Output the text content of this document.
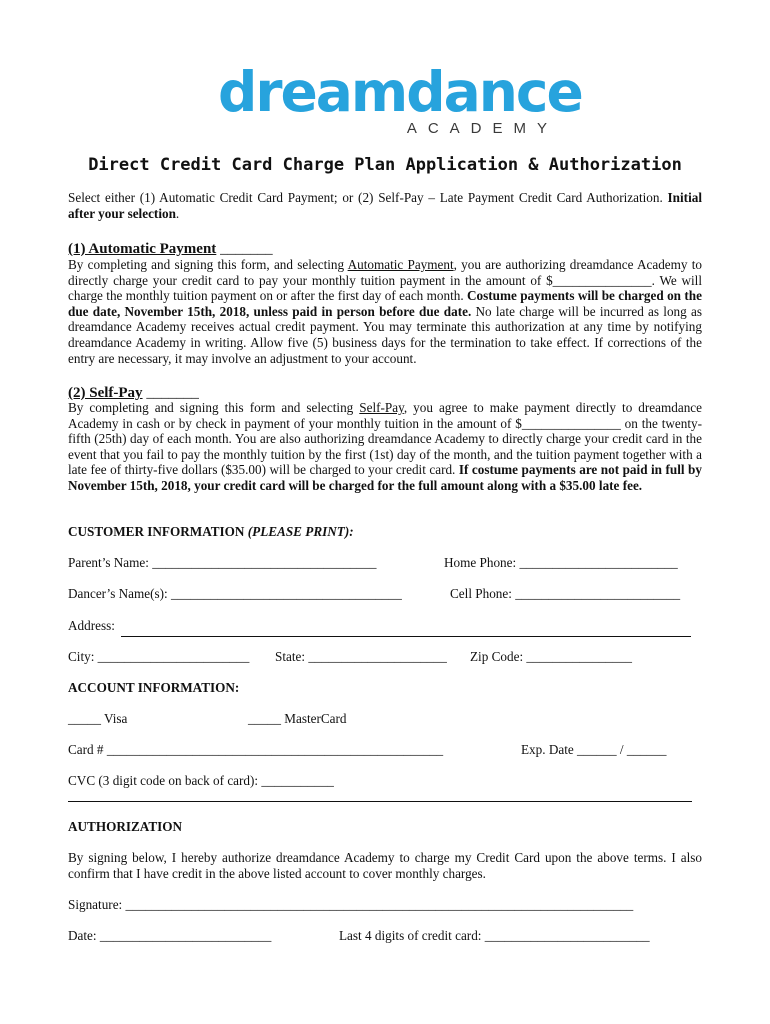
dreamdance
ACADEMY
Direct Credit Card Charge Plan Application & Authorization

Select either (1) Automatic Credit Card Payment; or (2) Self-Pay – Late Payment Credit Card Authorization. Initial after your selection.

(1) Automatic Payment _______

By completing and signing this form, and selecting Automatic Payment, you are authorizing dreamdance Academy to directly charge your credit card to pay your monthly tuition payment in the amount of $_______________. We will charge the monthly tuition payment on or after the first day of each month. Costume payments will be charged on the due date, November 15th, 2018, unless paid in person before due date. No late charge will be incurred as long as dreamdance Academy receives actual credit payment. You may terminate this authorization at any time by notifying dreamdance Academy in writing. Allow five (5) business days for the termination to take effect. If corrections of the entry are necessary, it may involve an adjustment to your account.

(2) Self-Pay _______

By completing and signing this form and selecting Self-Pay, you agree to make payment directly to dreamdance Academy in cash or by check in payment of your monthly tuition in the amount of $_______________ on the twenty-fifth (25th) day of each month. You are also authorizing dreamdance Academy to directly charge your credit card in the event that you fail to pay the monthly tuition by the first (1st) day of the month, and the tuition payment together with a late fee of thirty-five dollars ($35.00) will be charged to your credit card. If costume payments are not paid in full by November 15th, 2018, your credit card will be charged for the full amount along with a $35.00 late fee.

CUSTOMER INFORMATION (PLEASE PRINT):
Parent’s Name: __________________________________	Home Phone: ________________________
Dancer’s Name(s): ___________________________________	Cell Phone: _________________________
Address:
City: _______________________ State: _____________________ Zip Code: ________________
ACCOUNT INFORMATION:
_____ Visa	_____ MasterCard
Card # ___________________________________________________	Exp. Date ______ / ______
CVC (3 digit code on back of card): ___________
AUTHORIZATION
By signing below, I hereby authorize dreamdance Academy to charge my Credit Card upon the above terms. I also confirm that I have credit in the above listed account to cover monthly charges.
Signature: _____________________________________________________________________________
Date: __________________________	Last 4 digits of credit card: _________________________
